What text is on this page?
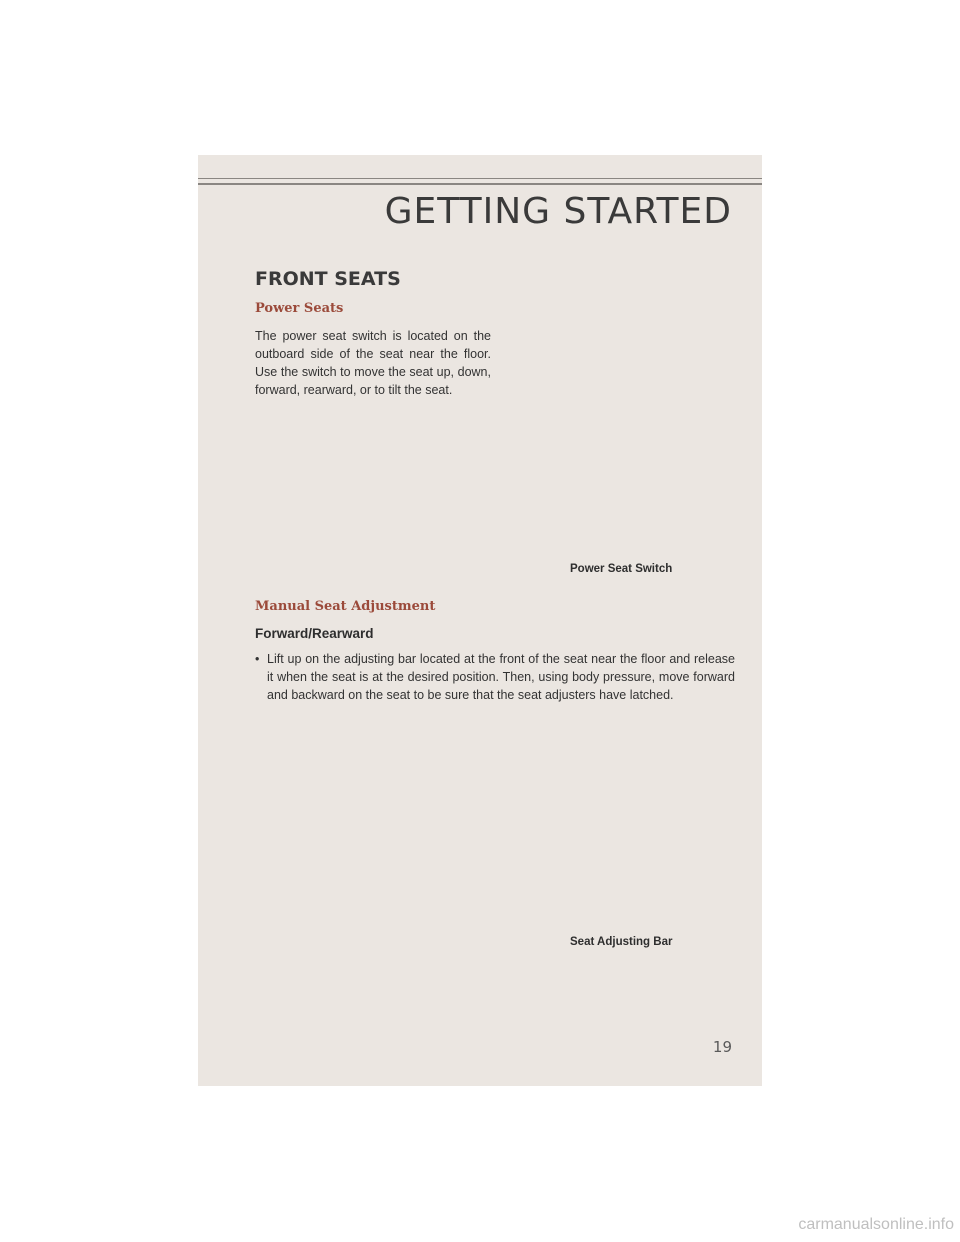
GETTING STARTED
FRONT SEATS
Power Seats
The power seat switch is located on the outboard side of the seat near the floor. Use the switch to move the seat up, down, forward, rearward, or to tilt the seat.
Power Seat Switch
Manual Seat Adjustment
Forward/Rearward
• Lift up on the adjusting bar located at the front of the seat near the floor and release it when the seat is at the desired position. Then, using body pressure, move forward and backward on the seat to be sure that the seat adjusters have latched.
Seat Adjusting Bar
19
carmanualsonline.info
